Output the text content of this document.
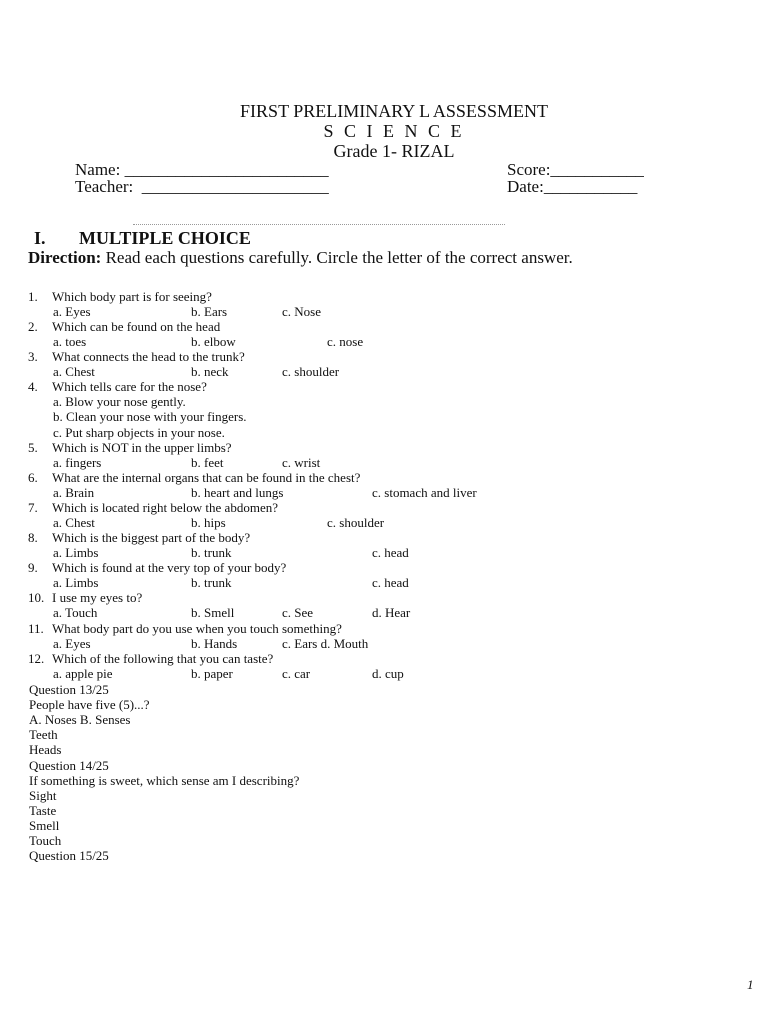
FIRST PRELIMINARY L ASSESSMENT
S C I E N C E
Grade 1- RIZAL
Name: ________________________
Teacher:  ______________________
Score:___________
Date:___________
I. MULTIPLE CHOICE
Direction: Read each questions carefully. Circle the letter of the correct answer.
1. Which body part is for seeing?
a. Eyes	b. Ears	c. Nose
2. Which can be found on the head
a. toes	b. elbow	c. nose
3. What connects the head to the trunk?
a. Chest	b. neck	c. shoulder
4. Which tells care for the nose?
a. Blow your nose gently.
b. Clean your nose with your fingers.
c. Put sharp objects in your nose.
5. Which is NOT in the upper limbs?
a. fingers	b. feet	c. wrist
6. What are the internal organs that can be found in the chest?
a. Brain	b. heart and lungs	c. stomach and liver
7. Which is located right below the abdomen?
a. Chest	b. hips	c. shoulder
8. Which is the biggest part of the body?
a. Limbs	b. trunk	c. head
9. Which is found at the very top of your body?
a. Limbs	b. trunk	c. head
10. I use my eyes to?
a. Touch	b. Smell	c. See	d. Hear
11. What body part do you use when you touch something?
a. Eyes	b. Hands	c. Ears d. Mouth
12. Which of the following that you can taste?
a. apple pie	b. paper	c. car	d. cup
Question 13/25
People have five (5)...?
A. Noses B. Senses
Teeth
Heads
Question 14/25
If something is sweet, which sense am I describing?
Sight
Taste
Smell
Touch
Question 15/25
1
